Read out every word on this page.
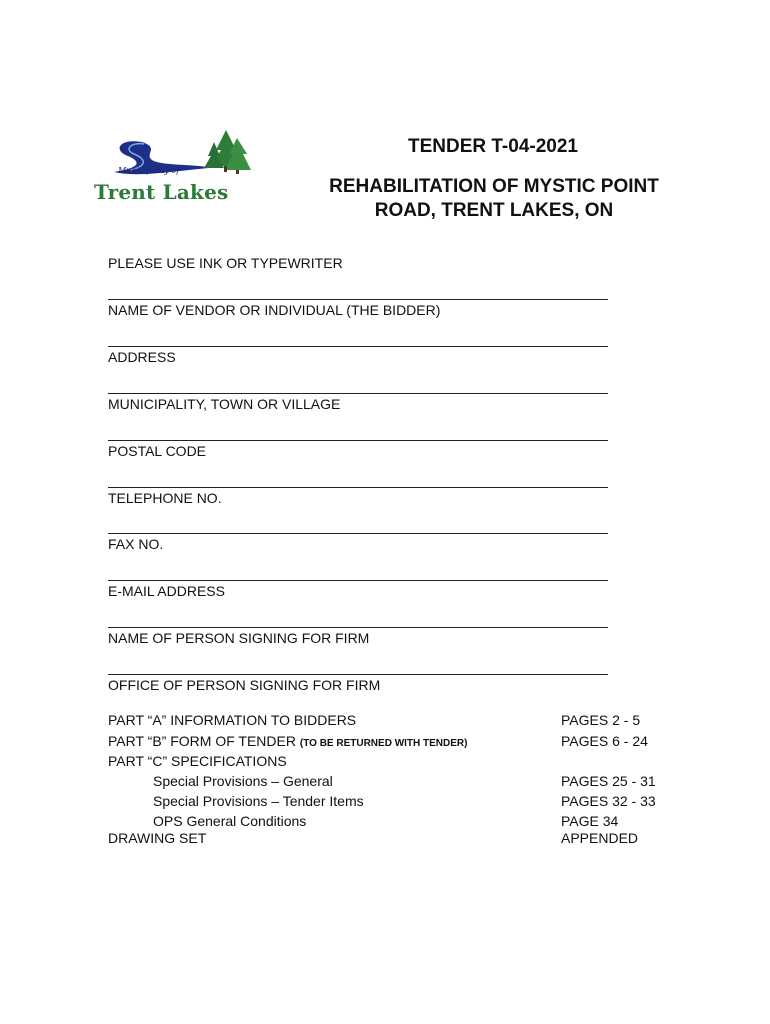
Municipality of
Trent Lakes
TENDER T-04-2021
REHABILITATION OF MYSTIC POINT ROAD, TRENT LAKES, ON
PLEASE USE INK OR TYPEWRITER
NAME OF VENDOR OR INDIVIDUAL (THE BIDDER)
ADDRESS
MUNICIPALITY, TOWN OR VILLAGE
POSTAL CODE
TELEPHONE NO.
FAX NO.
E-MAIL ADDRESS
NAME OF PERSON SIGNING FOR FIRM
OFFICE OF PERSON SIGNING FOR FIRM
PART “A” INFORMATION TO BIDDERS	PAGES 2 - 5
PART “B” FORM OF TENDER (TO BE RETURNED WITH TENDER)	PAGES 6 - 24
PART “C” SPECIFICATIONS
Special Provisions – General	PAGES 25 - 31
Special Provisions – Tender Items	PAGES 32 - 33
OPS General Conditions	PAGE 34
DRAWING SET	APPENDED
